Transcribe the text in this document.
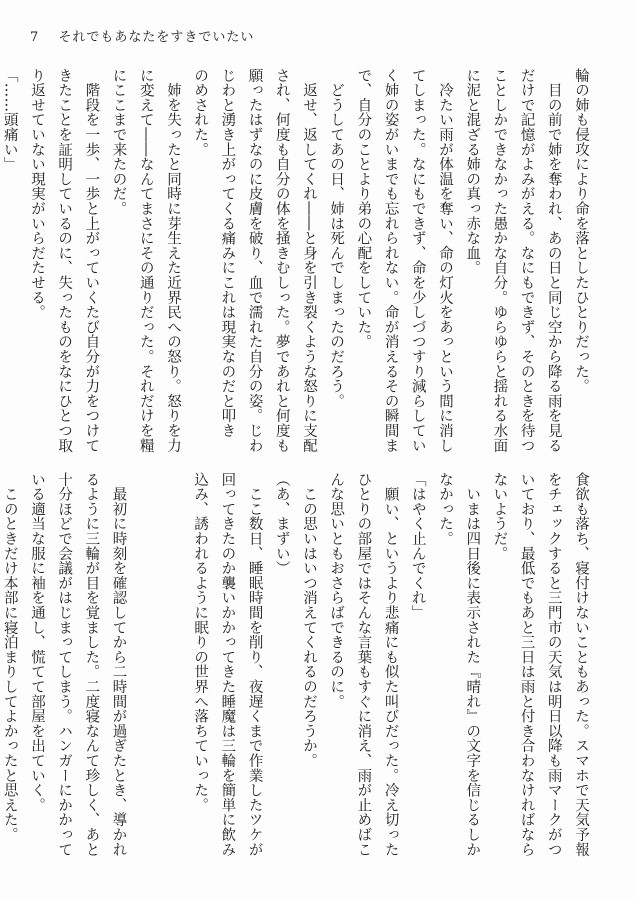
7 それでもあなたをすきでいたい
輪の姉も侵攻により命を落としたひとりだった。
　目の前で姉を奪われ、あの日と同じ空から降る雨を見る
だけで記憶がよみがえる。なにもできず、そのときを待つ
ことしかできなかった愚かな自分。ゆらゆらと揺れる水面
に泥と混ざる姉の真っ赤な血。
　冷たい雨が体温を奪い、命の灯火をあっという間に消し
てしまった。なにもできず、命を少しづつすり減らしてい
く姉の姿がいまでも忘れられない。命が消えるその瞬間ま
で、自分のことより弟の心配をしていた。
　どうしてあの日、姉は死んでしまったのだろう。
　返せ、返してくれ――と身を引き裂くような怒りに支配
され、何度も自分の体を掻きむしった。夢であれと何度も
願ったはずなのに皮膚を破り、血で濡れた自分の姿。じわ
じわと湧き上がってくる痛みにこれは現実なのだと叩き
のめされた。
　姉を失ったと同時に芽生えた近界民への怒り。怒りを力
に変えて――なんてまさにその通りだった。それだけを糧
にここまで来たのだ。
　階段を一歩、一歩と上がっていくたび自分が力をつけて
きたことを証明しているのに、失ったものをなにひとつ取
り返せていない現実がいらだたせる。
「……頭痛い」
食欲も落ち、寝付けないこともあった。スマホで天気予報
をチェックすると三門市の天気は明日以降も雨マークがつ
いており、最低でもあと三日は雨と付き合わなければなら
ないようだ。
　いまは四日後に表示された『晴れ』の文字を信じるしか
なかった。
「はやく止んでくれ」
　願い、というより悲痛にも似た叫びだった。冷え切った
ひとりの部屋ではそんな言葉もすぐに消え、雨が止めばこ
んな思いともおさらばできるのに。
　この思いはいつ消えてくれるのだろうか。
（あ、まずい）
　ここ数日、睡眠時間を削り、夜遅くまで作業したツケが
回ってきたのか襲いかかってきた睡魔は三輪を簡単に飲み
込み、誘われるように眠りの世界へ落ちていった。

　最初に時刻を確認してから二時間が過ぎたとき、導かれ
るように三輪が目を覚ました。二度寝なんて珍しく、あと
十分ほどで会議がはじまってしまう。ハンガーにかかって
いる適当な服に袖を通し、慌てて部屋を出ていく。
　このときだけ本部に寝泊まりしてよかったと思えた。
